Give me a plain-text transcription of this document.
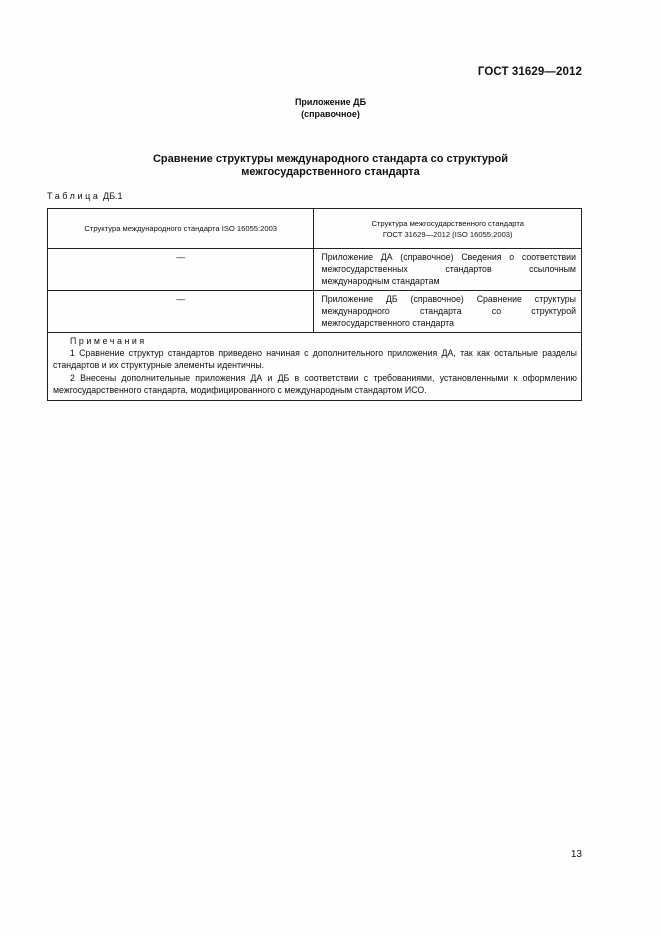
ГОСТ 31629—2012
Приложение ДБ
(справочное)
Сравнение структуры международного стандарта со структурой
межгосударственного стандарта
Таблица ДБ.1
Структура международного стандарта ISO 16055:2003	Структура межгосударственного стандарта
ГОСТ 31629—2012 (ISO 16055:2003)

—	Приложение ДА (справочное) Сведения о соответствии межгосударственных стандартов ссылочным международным стандартам
—	Приложение ДБ (справочное) Сравнение структуры международного стандарта со структурой межгосударственного стандарта

Примечания
1 Сравнение структур стандартов приведено начиная с дополнительного приложения ДА, так как остальные разделы стандартов и их структурные элементы идентичны.
2 Внесены дополнительные приложения ДА и ДБ в соответствии с требованиями, установленными к оформлению межгосударственного стандарта, модифицированного с международным стандартом ИСО.	
13
